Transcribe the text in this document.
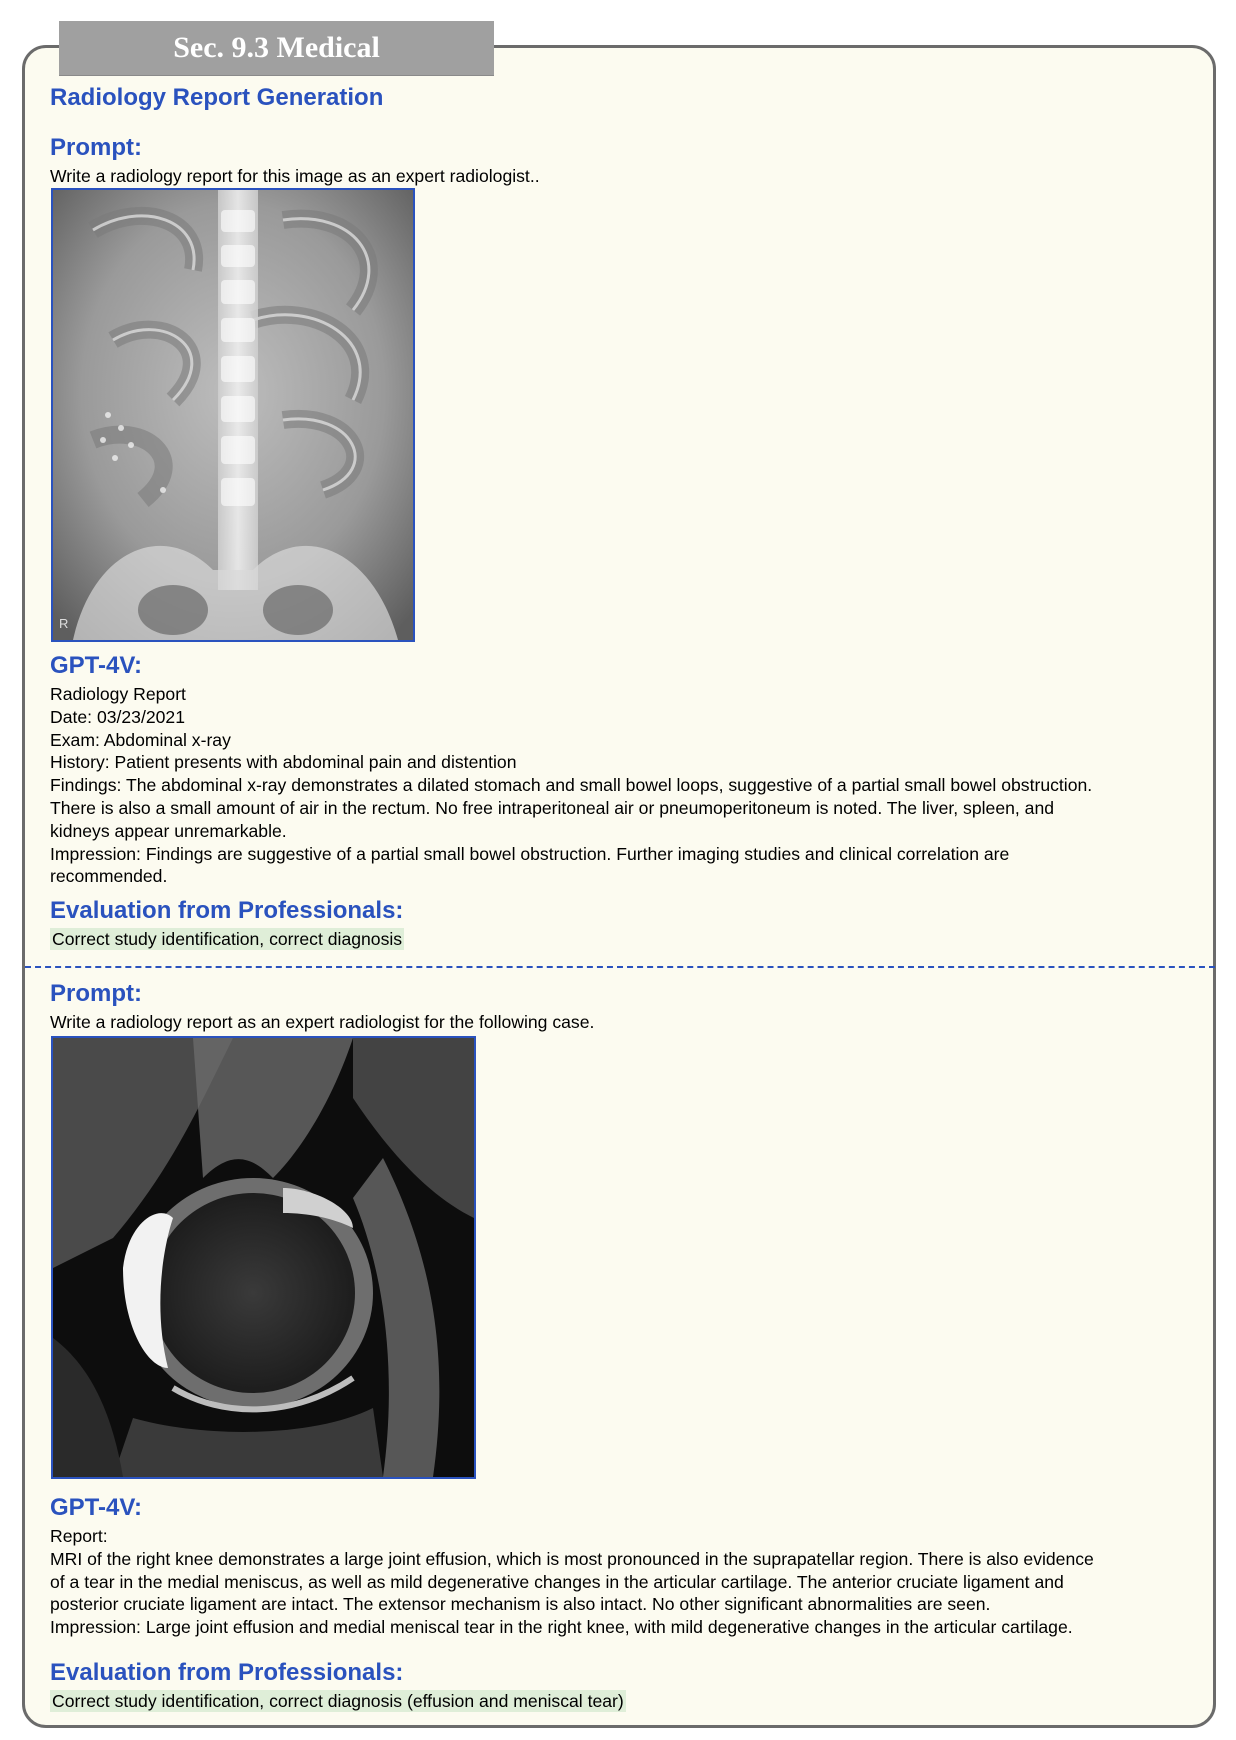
Sec. 9.3 Medical
Radiology Report Generation
Prompt:
Write a radiology report for this image as an expert radiologist..
R
GPT-4V:
Radiology Report
Date: 03/23/2021
Exam: Abdominal x-ray
History: Patient presents with abdominal pain and distention
Findings: The abdominal x-ray demonstrates a dilated stomach and small bowel loops, suggestive of a partial small bowel obstruction.
There is also a small amount of air in the rectum. No free intraperitoneal air or pneumoperitoneum is noted. The liver, spleen, and
kidneys appear unremarkable.
Impression: Findings are suggestive of a partial small bowel obstruction. Further imaging studies and clinical correlation are
recommended.
Evaluation from Professionals:
Correct study identification, correct diagnosis
Prompt:
Write a radiology report as an expert radiologist for the following case.
GPT-4V:
Report:
MRI of the right knee demonstrates a large joint effusion, which is most pronounced in the suprapatellar region. There is also evidence
of a tear in the medial meniscus, as well as mild degenerative changes in the articular cartilage. The anterior cruciate ligament and
posterior cruciate ligament are intact. The extensor mechanism is also intact. No other significant abnormalities are seen.
Impression: Large joint effusion and medial meniscal tear in the right knee, with mild degenerative changes in the articular cartilage.
Evaluation from Professionals:
Correct study identification, correct diagnosis (effusion and meniscal tear)
